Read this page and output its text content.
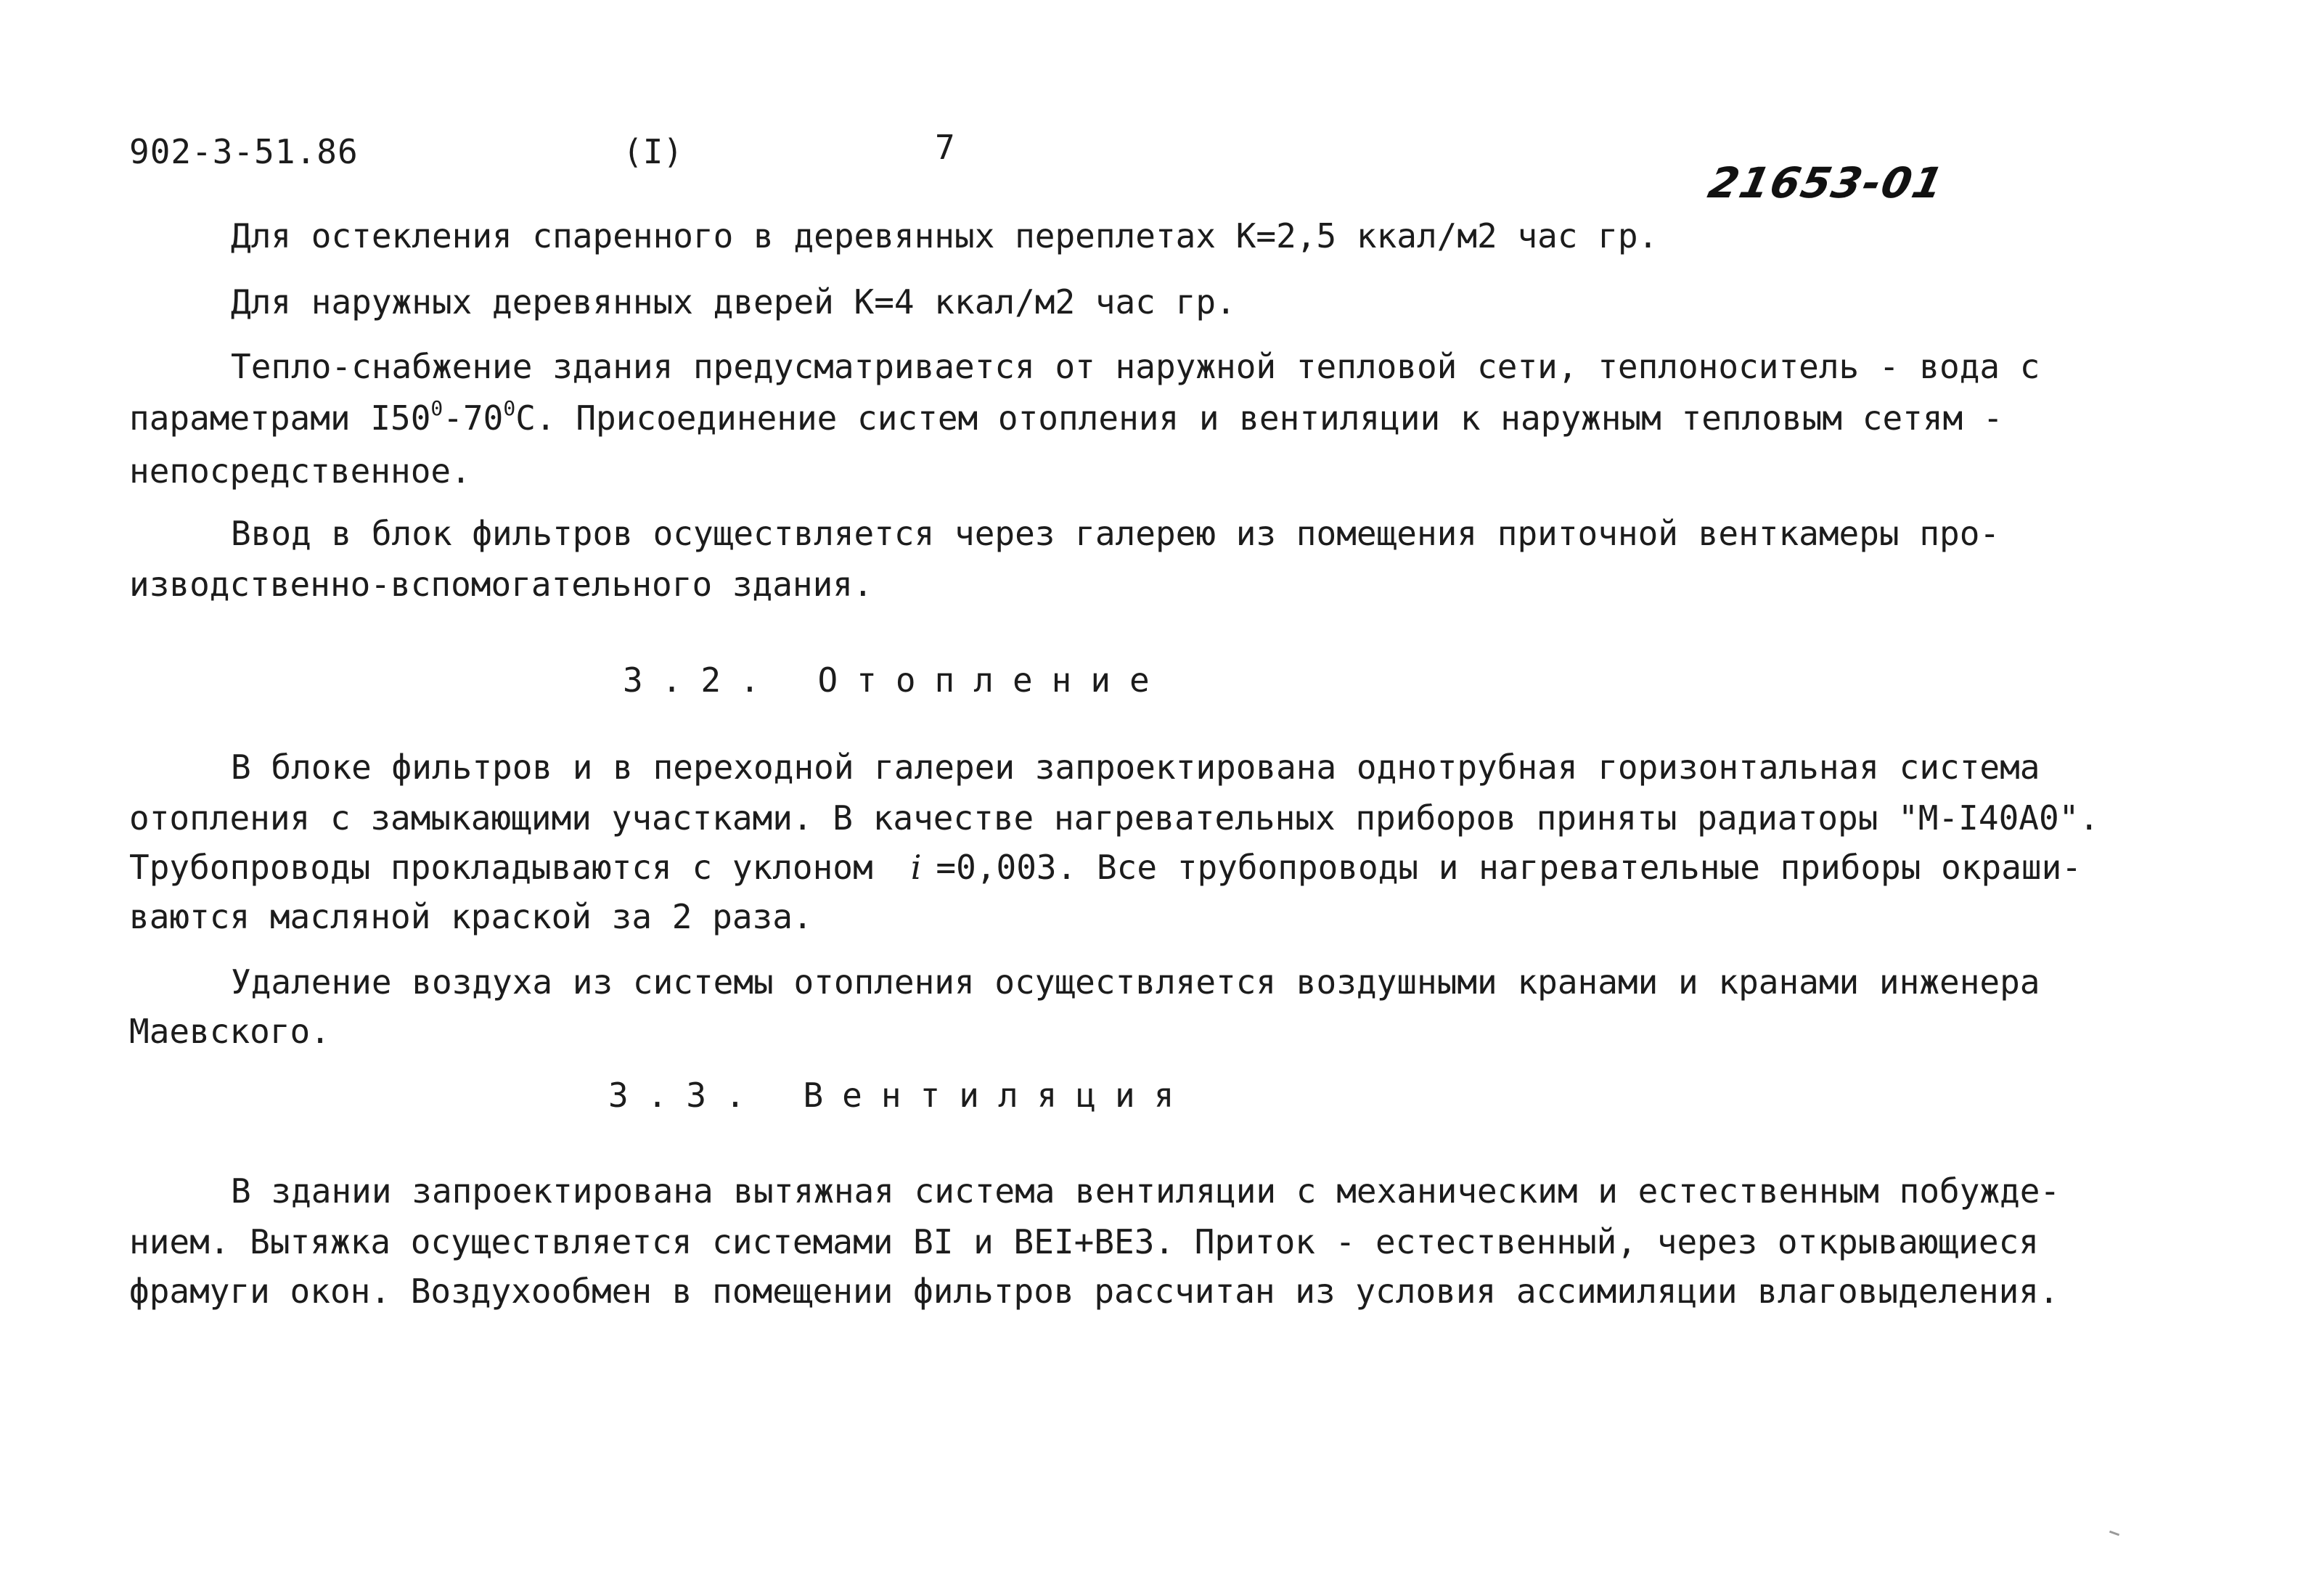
902-3-51.86	(I)	7
21653-01
Для остекления спаренного в деревянных переплетах К=2,5 ккал/м2 час гр.
Для наружных деревянных дверей К=4 ккал/м2 час гр.
Тепло-снабжение здания предусматривается от наружной тепловой сети, теплоноситель - вода с
параметрами $I50^0-70^0С$. Присоединение систем отопления и вентиляции к наружным тепловым сетям -
непосредственное.
Ввод в блок фильтров осуществляется через галерею из помещения приточной венткамеры про-
изводственно-вспомогательного здания.
3.2. Отопление
В блоке фильтров и в переходной галереи запроектирована однотрубная горизонтальная система
отопления с замыкающими участками. В качестве нагревательных приборов приняты радиаторы "М-I40А0".
Трубопроводы прокладываются с уклоном i =0,003. Все трубопроводы и нагревательные приборы окраши-
ваются масляной краской за 2 раза.
Удаление воздуха из системы отопления осуществляется воздушными кранами и кранами инженера
Маевского.
3.3. Вентиляция
В здании запроектирована вытяжная система вентиляции с механическим и естественным побужде-
нием. Вытяжка осуществляется системами BI и BEI+BE3. Приток - естественный, через открывающиеся
фрамуги окон. Воздухообмен в помещении фильтров рассчитан из условия ассимиляции влаговыделения.
